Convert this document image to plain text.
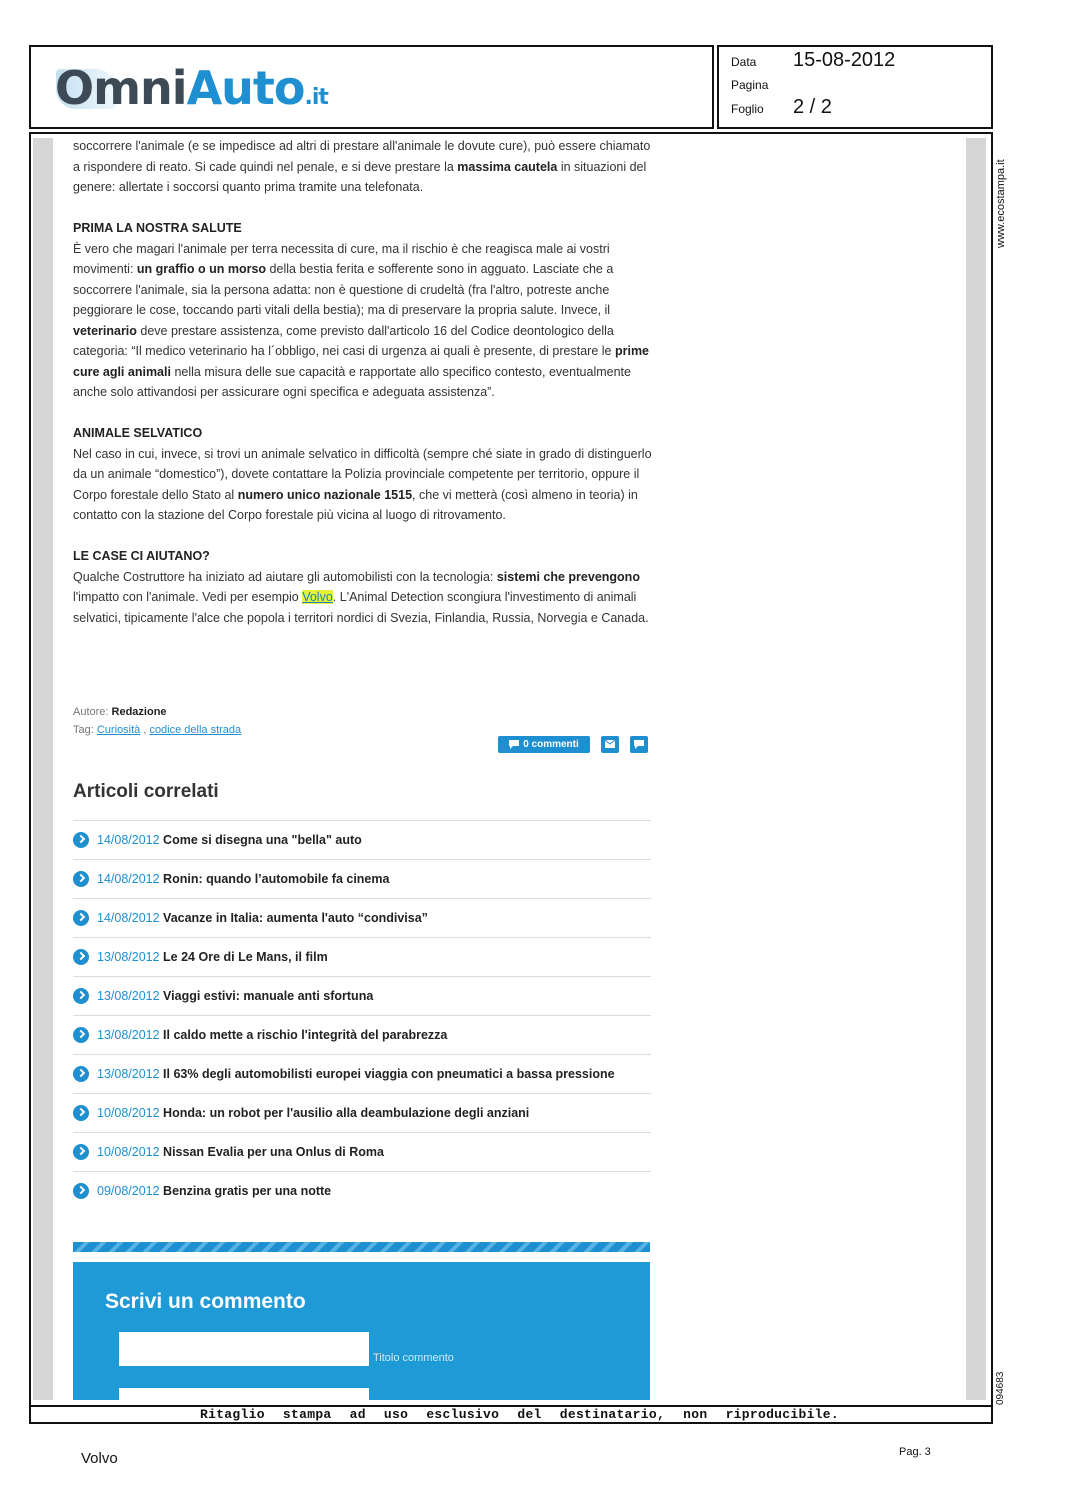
OmniAuto.it
Data 15-08-2012
Pagina
Foglio 2 / 2
www.ecostampa.it
094683

soccorrere l'animale (e se impedisce ad altri di prestare all'animale le dovute cure), può essere chiamato a rispondere di reato. Si cade quindi nel penale, e si deve prestare la massima cautela in situazioni del genere: allertate i soccorsi quanto prima tramite una telefonata.

PRIMA LA NOSTRA SALUTE

È vero che magari l'animale per terra necessita di cure, ma il rischio è che reagisca male ai vostri movimenti: un graffio o un morso della bestia ferita e sofferente sono in agguato. Lasciate che a soccorrere l'animale, sia la persona adatta: non è questione di crudeltà (fra l'altro, potreste anche peggiorare le cose, toccando parti vitali della bestia); ma di preservare la propria salute. Invece, il veterinario deve prestare assistenza, come previsto dall'articolo 16 del Codice deontologico della categoria: “Il medico veterinario ha l´obbligo, nei casi di urgenza ai quali è presente, di prestare le prime cure agli animali nella misura delle sue capacità e rapportate allo specifico contesto, eventualmente anche solo attivandosi per assicurare ogni specifica e adeguata assistenza”.

ANIMALE SELVATICO

Nel caso in cui, invece, si trovi un animale selvatico in difficoltà (sempre ché siate in grado di distinguerlo da un animale “domestico”), dovete contattare la Polizia provinciale competente per territorio, oppure il Corpo forestale dello Stato al numero unico nazionale 1515, che vi metterà (così almeno in teoria) in contatto con la stazione del Corpo forestale più vicina al luogo di ritrovamento.

LE CASE CI AIUTANO?

Qualche Costruttore ha iniziato ad aiutare gli automobilisti con la tecnologia: sistemi che prevengono l'impatto con l'animale. Vedi per esempio Volvo. L'Animal Detection scongiura l'investimento di animali selvatici, tipicamente l'alce che popola i territori nordici di Svezia, Finlandia, Russia, Norvegia e Canada.

Autore: Redazione
Tag: Curiosità , codice della strada
0 commenti
Articoli correlati
14/08/2012 Come si disegna una "bella" auto
14/08/2012 Ronin: quando l’automobile fa cinema
14/08/2012 Vacanze in Italia: aumenta l'auto “condivisa”
13/08/2012 Le 24 Ore di Le Mans, il film
13/08/2012 Viaggi estivi: manuale anti sfortuna
13/08/2012 Il caldo mette a rischio l'integrità del parabrezza
13/08/2012 Il 63% degli automobilisti europei viaggia con pneumatici a bassa pressione
10/08/2012 Honda: un robot per l'ausilio alla deambulazione degli anziani
10/08/2012 Nissan Evalia per una Onlus di Roma
09/08/2012 Benzina gratis per una notte
Scrivi un commento
Titolo commento
Ritaglio stampa ad uso esclusivo del destinatario, non riproducibile.
Volvo	Pag. 3
